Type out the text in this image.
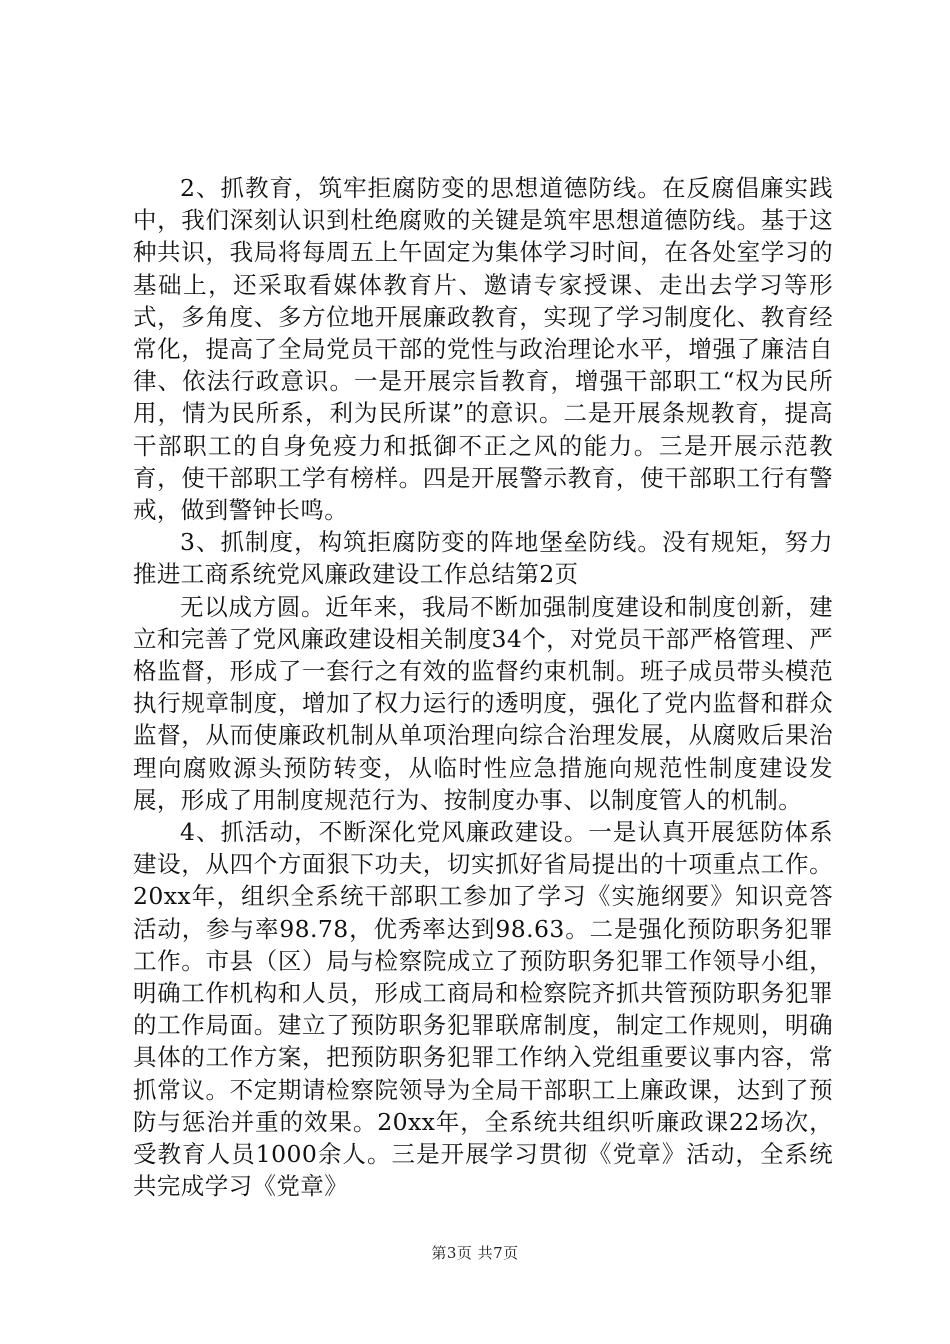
2、抓教育，筑牢拒腐防变的思想道德防线。在反腐倡廉实践中，我们深刻认识到杜绝腐败的关键是筑牢思想道德防线。基于这种共识，我局将每周五上午固定为集体学习时间，在各处室学习的基础上，还采取看媒体教育片、邀请专家授课、走出去学习等形式，多角度、多方位地开展廉政教育，实现了学习制度化、教育经常化，提高了全局党员干部的党性与政治理论水平，增强了廉洁自律、依法行政意识。一是开展宗旨教育，增强干部职工“权为民所用，情为民所系，利为民所谋”的意识。二是开展条规教育，提高干部职工的自身免疫力和抵御不正之风的能力。三是开展示范教育，使干部职工学有榜样。四是开展警示教育，使干部职工行有警戒，做到警钟长鸣。

3、抓制度，构筑拒腐防变的阵地堡垒防线。没有规矩，努力推进工商系统党风廉政建设工作总结第2页

无以成方圆。近年来，我局不断加强制度建设和制度创新，建立和完善了党风廉政建设相关制度34个，对党员干部严格管理、严格监督，形成了一套行之有效的监督约束机制。班子成员带头模范执行规章制度，增加了权力运行的透明度，强化了党内监督和群众监督，从而使廉政机制从单项治理向综合治理发展，从腐败后果治理向腐败源头预防转变，从临时性应急措施向规范性制度建设发展，形成了用制度规范行为、按制度办事、以制度管人的机制。

4、抓活动，不断深化党风廉政建设。一是认真开展惩防体系建设，从四个方面狠下功夫，切实抓好省局提出的十项重点工作。20xx年，组织全系统干部职工参加了学习《实施纲要》知识竞答活动，参与率98.78，优秀率达到98.63。二是强化预防职务犯罪工作。市县（区）局与检察院成立了预防职务犯罪工作领导小组，明确工作机构和人员，形成工商局和检察院齐抓共管预防职务犯罪的工作局面。建立了预防职务犯罪联席制度，制定工作规则，明确具体的工作方案，把预防职务犯罪工作纳入党组重要议事内容，常抓常议。不定期请检察院领导为全局干部职工上廉政课，达到了预防与惩治并重的效果。20xx年，全系统共组织听廉政课22场次，受教育人员1000余人。三是开展学习贯彻《党章》活动，全系统共完成学习《党章》

第3页 共7页
